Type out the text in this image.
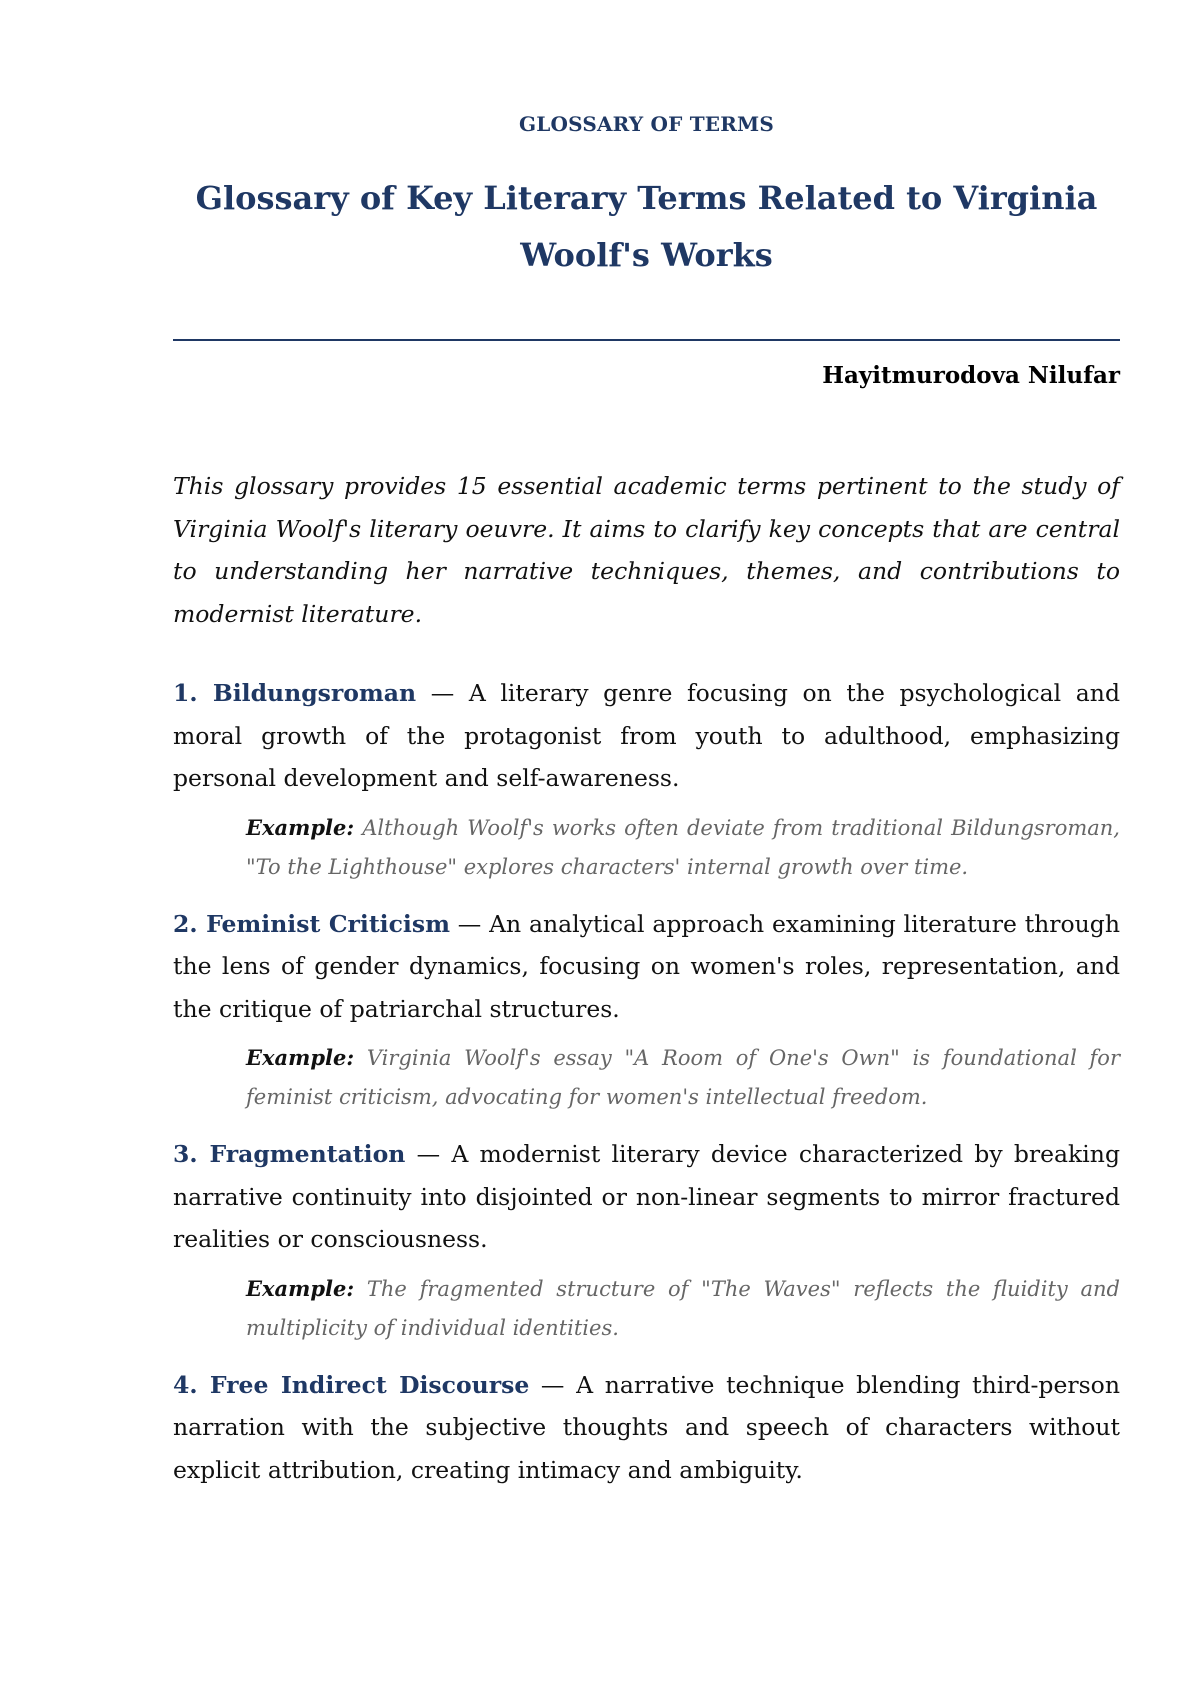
GLOSSARY OF TERMS

Glossary of Key Literary Terms Related to Virginia Woolf's Works

Hayitmurodova Nilufar

This glossary provides 15 essential academic terms pertinent to the study of Virginia Woolf's literary oeuvre. It aims to clarify key concepts that are central to understanding her narrative techniques, themes, and contributions to modernist literature.

1. Bildungsroman — A literary genre focusing on the psychological and moral growth of the protagonist from youth to adulthood, emphasizing personal development and self-awareness.

Example: Although Woolf's works often deviate from traditional Bildungsroman, "To the Lighthouse" explores characters' internal growth over time.

2. Feminist Criticism — An analytical approach examining literature through the lens of gender dynamics, focusing on women's roles, representation, and the critique of patriarchal structures.

Example: Virginia Woolf's essay "A Room of One's Own" is foundational for feminist criticism, advocating for women's intellectual freedom.

3. Fragmentation — A modernist literary device characterized by breaking narrative continuity into disjointed or non-linear segments to mirror fractured realities or consciousness.

Example: The fragmented structure of "The Waves" reflects the fluidity and multiplicity of individual identities.

4. Free Indirect Discourse — A narrative technique blending third-person narration with the subjective thoughts and speech of characters without explicit attribution, creating intimacy and ambiguity.
